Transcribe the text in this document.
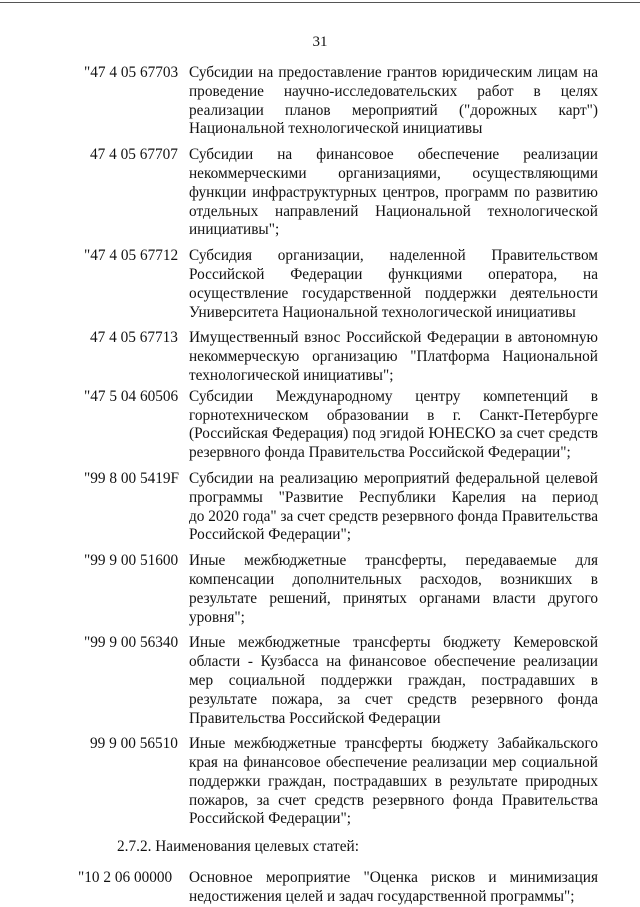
31
"47 4 05 67703 Субсидии на предоставление грантов юридическим лицам на
проведение научно-исследовательских работ в целях
реализации планов мероприятий ("дорожных карт")
Национальной технологической инициативы
47 4 05 67707 Субсидии на финансовое обеспечение реализации
некоммерческими организациями, осуществляющими
функции инфраструктурных центров, программ по развитию
отдельных направлений Национальной технологической
инициативы";
"47 4 05 67712 Субсидия организации, наделенной Правительством
Российской Федерации функциями оператора, на
осуществление государственной поддержки деятельности
Университета Национальной технологической инициативы
47 4 05 67713 Имущественный взнос Российской Федерации в автономную
некоммерческую организацию "Платформа Национальной
технологической инициативы";
"47 5 04 60506 Субсидии Международному центру компетенций в
горнотехническом образовании в г. Санкт-Петербурге
(Российская Федерация) под эгидой ЮНЕСКО за счет средств
резервного фонда Правительства Российской Федерации";
"99 8 00 5419F Субсидии на реализацию мероприятий федеральной целевой
программы "Развитие Республики Карелия на период
до 2020 года" за счет средств резервного фонда Правительства
Российской Федерации";
"99 9 00 51600 Иные межбюджетные трансферты, передаваемые для
компенсации дополнительных расходов, возникших в
результате решений, принятых органами власти другого
уровня";
"99 9 00 56340 Иные межбюджетные трансферты бюджету Кемеровской
области - Кузбасса на финансовое обеспечение реализации
мер социальной поддержки граждан, пострадавших в
результате пожара, за счет средств резервного фонда
Правительства Российской Федерации
99 9 00 56510 Иные межбюджетные трансферты бюджету Забайкальского
края на финансовое обеспечение реализации мер социальной
поддержки граждан, пострадавших в результате природных
пожаров, за счет средств резервного фонда Правительства
Российской Федерации";
2.7.2. Наименования целевых статей:
"10 2 06 00000 Основное мероприятие "Оценка рисков и минимизация
недостижения целей и задач государственной программы";
